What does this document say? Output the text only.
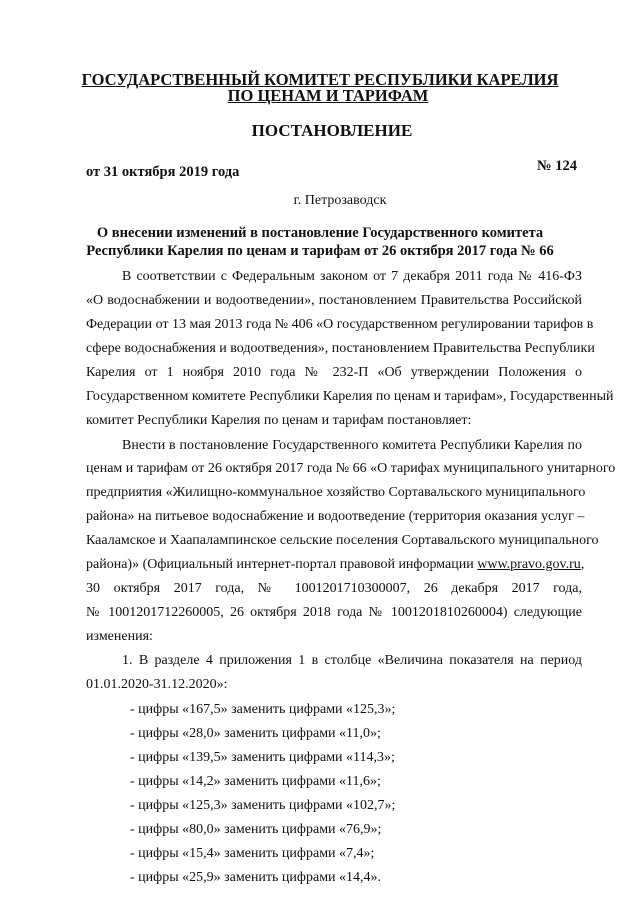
ГОСУДАРСТВЕННЫЙ КОМИТЕТ РЕСПУБЛИКИ КАРЕЛИЯ
ПО ЦЕНАМ И ТАРИФАМ
ПОСТАНОВЛЕНИЕ
от 31 октября 2019 года	№ 124
г. Петрозаводск
О внесении изменений в постановление Государственного комитета
Республики Карелия по ценам и тарифам от 26 октября 2017 года № 66
В соответствии с Федеральным законом от 7 декабря 2011 года № 416-ФЗ
«О водоснабжении и водоотведении», постановлением Правительства Российской
Федерации от 13 мая 2013 года № 406 «О государственном регулировании тарифов в
сфере водоснабжения и водоотведения», постановлением Правительства Республики
Карелия от 1 ноября 2010 года № 232-П «Об утверждении Положения о
Государственном комитете Республики Карелия по ценам и тарифам», Государственный
комитет Республики Карелия по ценам и тарифам постановляет:
Внести в постановление Государственного комитета Республики Карелия по
ценам и тарифам от 26 октября 2017 года № 66 «О тарифах муниципального унитарного
предприятия «Жилищно-коммунальное хозяйство Сортавальского муниципального
района» на питьевое водоснабжение и водоотведение (территория оказания услуг –
Кааламское и Хаапалампинское сельские поселения Сортавальского муниципального
района)» (Официальный интернет-портал правовой информации www.pravo.gov.ru,
30 октября 2017 года, № 1001201710300007, 26 декабря 2017 года,
№ 1001201712260005, 26 октября 2018 года № 1001201810260004) следующие
изменения:
1. В разделе 4 приложения 1 в столбце «Величина показателя на период
01.01.2020-31.12.2020»:
- цифры «167,5» заменить цифрами «125,3»;
- цифры «28,0» заменить цифрами «11,0»;
- цифры «139,5» заменить цифрами «114,3»;
- цифры «14,2» заменить цифрами «11,6»;
- цифры «125,3» заменить цифрами «102,7»;
- цифры «80,0» заменить цифрами «76,9»;
- цифры «15,4» заменить цифрами «7,4»;
- цифры «25,9» заменить цифрами «14,4».
